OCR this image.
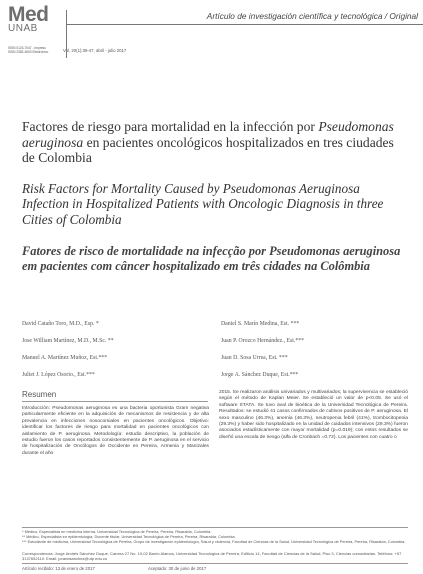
Med
UNAB
ISSN 0123-7047 - Impreso
ISSN 2382-4603 Electrónico	Vol. 20(1):39-47, abril - julio 2017
Artículo de investigación científica y tecnológica / Original
Factores de riesgo para mortalidad en la infección por Pseudomonas aeruginosa en pacientes oncológicos hospitalizados en tres ciudades de Colombia
Risk Factors for Mortality Caused by Pseudomonas Aeruginosa Infection in Hospitalized Patients with Oncologic Diagnosis in three Cities of Colombia
Fatores de risco de mortalidade na infecção por Pseudomonas aeruginosa em pacientes com câncer hospitalizado em três cidades na Colômbia
David Cataño Toro, M.D., Esp. *
Jose William Martínez, M.D., M.Sc. **
Manuel A. Martínez Muñoz, Est.***
Juliet J. López Osorio., Est.***
Daniel S. Marín Medina, Est. ***
Juan P. Orozco Hernández., Est.***
Juan D. Sosa Urrea, Est. ***
Jorge A. Sánchez Duque, Est.***
Resumen
Introducción: Pseudomonas aeruginosa es una bacteria oportunista Gram negativa particularmente eficiente en la adquisición de mecanismos de resistencia y de alta prevalencia en infecciones nosocomiales en pacientes oncológicos. Objetivo: identificar los factores de riesgo para mortalidad en pacientes oncológicos con aislamiento de P. aeruginosa. Metodología: estudio descriptivo, la población de estudio fueron los casos reportados consistentemente de P. aeruginosa en el servicio de hospitalización de Oncólogos de Occidente en Pereira, Armenia y Manizales durante el año
2015. Se realizaron análisis univariados y multivariados; la supervivencia se estableció según el método de Kaplan Meier. Se estableció un valor de p<0.05. Se usó el software STATA. Se tuvo aval de bioética de la Universidad Tecnológica de Pereira. Resultados: se estudió 41 casos confirmados de cultivos positivos de P. aeruginosa. El sexo masculino (46.3%), anemia (46.3%), neutropenia febril (41%), trombocitopenia (29.3%) y haber sido hospitalizado en la unidad de cuidados intensivos (29.3%) fueron asociados estadísticamente con mayor mortalidad (p=0.019); con estos resultados se diseñó una escala de riesgo (alfa de Cronbach =0.72). Los pacientes con cuatro o
* Médico, Especialista en medicina interna, Universidad Tecnológica de Pereira, Pereira, Risaralda, Colombia.
** Médico, Especialista en epidemiología, Docente titular, Universidad Tecnológica de Pereira, Pereira, Risaralda, Colombia.
*** Estudiante de medicina, Universidad Tecnológica de Pereira, Grupo de investigación epidemiología, Salud y violencia, Facultad de Ciencias de la Salud, Universidad Tecnológica de Pereira, Pereira, Risaralda, Colombia.
Correspondencia: Jorge Andrés Sánchez Duque, Carrera 27 No. 10-02 Barrio Alamos, Universidad Tecnológica de Pereira, Edificio 14, Facultad de Ciencias de la Salud, Piso 3, Ciencias comunitarias. Teléfono: +57 3137652110. Email: jorandsanchez@utp.edu.co
Artículo recibido: 13 de enero de 2017	Aceptado: 30 de junio de 2017
